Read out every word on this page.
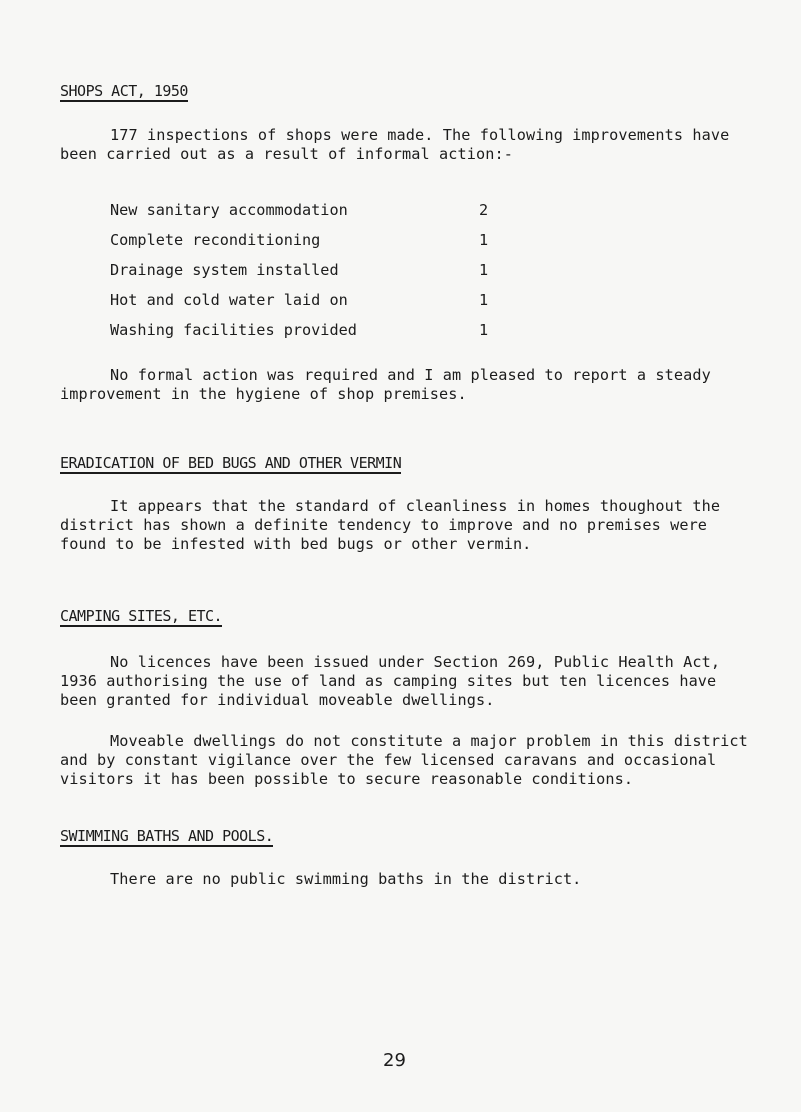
SHOPS ACT, 1950
177 inspections of shops were made. The following improvements have been carried out as a result of informal action:-
New sanitary accommodation	2
Complete reconditioning	1
Drainage system installed	1
Hot and cold water laid on	1
Washing facilities provided	1
No formal action was required and I am pleased to report a steady improvement in the hygiene of shop premises.
ERADICATION OF BED BUGS AND OTHER VERMIN
It appears that the standard of cleanliness in homes thoughout the district has shown a definite tendency to improve and no premises were found to be infested with bed bugs or other vermin.
CAMPING SITES, ETC.
No licences have been issued under Section 269, Public Health Act, 1936 authorising the use of land as camping sites but ten licences have been granted for individual moveable dwellings.
Moveable dwellings do not constitute a major problem in this district and by constant vigilance over the few licensed caravans and occasional visitors it has been possible to secure reasonable conditions.
SWIMMING BATHS AND POOLS.
There are no public swimming baths in the district.
29
